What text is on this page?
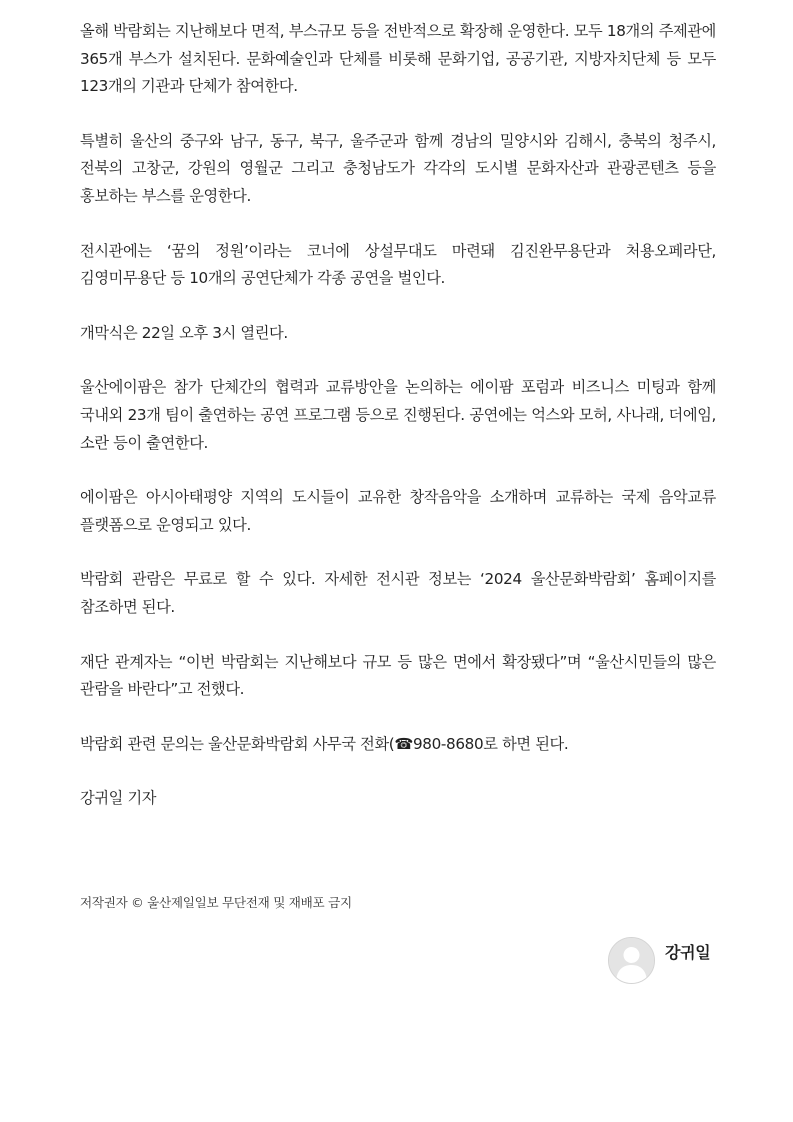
올해 박람회는 지난해보다 면적, 부스규모 등을 전반적으로 확장해 운영한다. 모두 18개의 주제관에 365개 부스가 설치된다. 문화예술인과 단체를 비롯해 문화기업, 공공기관, 지방자치단체 등 모두 123개의 기관과 단체가 참여한다.

특별히 울산의 중구와 남구, 동구, 북구, 울주군과 함께 경남의 밀양시와 김해시, 충북의 청주시, 전북의 고창군, 강원의 영월군 그리고 충청남도가 각각의 도시별 문화자산과 관광콘텐츠 등을 홍보하는 부스를 운영한다.

전시관에는 ‘꿈의 정원’이라는 코너에 상설무대도 마련돼 김진완무용단과 처용오페라단, 김영미무용단 등 10개의 공연단체가 각종 공연을 벌인다.

개막식은 22일 오후 3시 열린다.

울산에이팜은 참가 단체간의 협력과 교류방안을 논의하는 에이팜 포럼과 비즈니스 미팅과 함께 국내외 23개 팀이 출연하는 공연 프로그램 등으로 진행된다. 공연에는 억스와 모허, 사나래, 더에임, 소란 등이 출연한다.

에이팜은 아시아태평양 지역의 도시들이 교유한 창작음악을 소개하며 교류하는 국제 음악교류 플랫폼으로 운영되고 있다.

박람회 관람은 무료로 할 수 있다. 자세한 전시관 정보는 ‘2024 울산문화박람회’ 홈페이지를 참조하면 된다.

재단 관계자는 “이번 박람회는 지난해보다 규모 등 많은 면에서 확장됐다”며 “울산시민들의 많은 관람을 바란다”고 전했다.

박람회 관련 문의는 울산문화박람회 사무국 전화(☎980-8680로 하면 된다.

강귀일 기자

저작권자 © 울산제일일보 무단전재 및 재배포 금지
강귀일
